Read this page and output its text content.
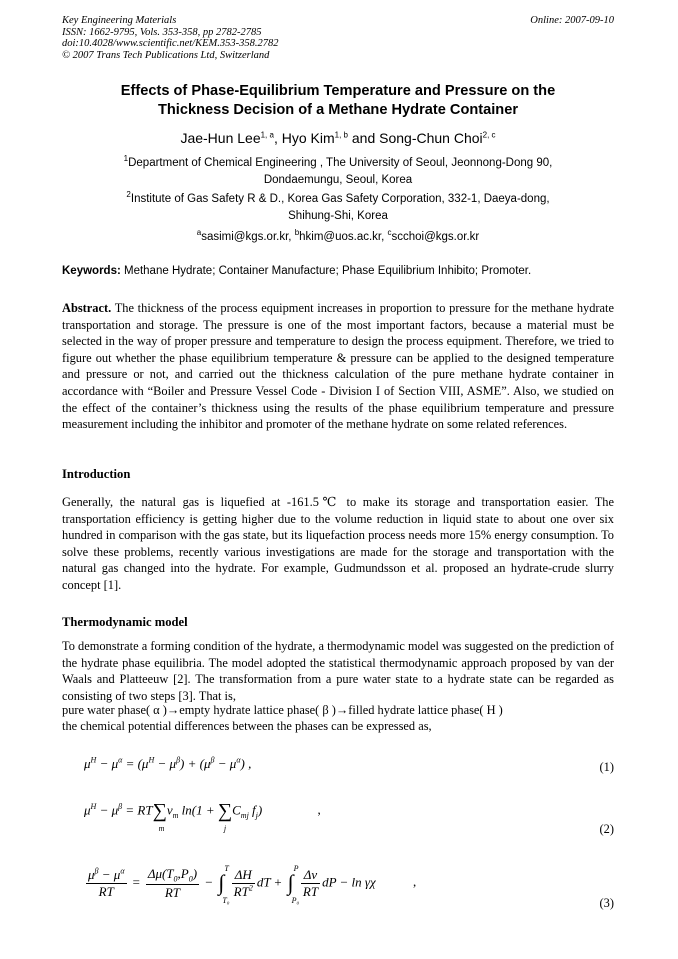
Key Engineering Materials
ISSN: 1662-9795, Vols. 353-358, pp 2782-2785
doi:10.4028/www.scientific.net/KEM.353-358.2782
© 2007 Trans Tech Publications Ltd, Switzerland
Online: 2007-09-10
Effects of Phase-Equilibrium Temperature and Pressure on the
Thickness Decision of a Methane Hydrate Container
Jae-Hun Lee$^{1, a}$, Hyo Kim$^{1, b}$ and Song-Chun Choi$^{2, c}$
$^1$Department of Chemical Engineering , The University of Seoul, Jeonnong-Dong 90,
Dondaemungu, Seoul, Korea
$^2$Institute of Gas Safety R & D., Korea Gas Safety Corporation, 332-1, Daeya-dong,
Shihung-Shi, Korea
$^a$sasimi@kgs.or.kr, $^b$hkim@uos.ac.kr, $^c$scchoi@kgs.or.kr
Keywords: Methane Hydrate; Container Manufacture; Phase Equilibrium Inhibito; Promoter.
Abstract. The thickness of the process equipment increases in proportion to pressure for the methane hydrate transportation and storage. The pressure is one of the most important factors, because a material must be selected in the way of proper pressure and temperature to design the process equipment. Therefore, we tried to figure out whether the phase equilibrium temperature & pressure can be applied to the designed temperature and pressure or not, and carried out the thickness calculation of the pure methane hydrate container in accordance with “Boiler and Pressure Vessel Code - Division I of Section VIII, ASME”. Also, we studied on the effect of the container’s thickness using the results of the phase equilibrium temperature and pressure measurement including the inhibitor and promoter of the methane hydrate on some related references.
Introduction
Generally, the natural gas is liquefied at -161.5℃ to make its storage and transportation easier. The transportation efficiency is getting higher due to the volume reduction in liquid state to about one over six hundred in comparison with the gas state, but its liquefaction process needs more 15% energy consumption. To solve these problems, recently various investigations are made for the storage and transportation with the natural gas changed into the hydrate. For example, Gudmundsson et al. proposed an hydrate-crude slurry concept [1].
Thermodynamic model
To demonstrate a forming condition of the hydrate, a thermodynamic model was suggested on the prediction of the hydrate phase equilibria. The model adopted the statistical thermodynamic approach proposed by van der Waals and Platteeuw [2]. The transformation from a pure water state to a hydrate state can be regarded as consisting of two steps [3]. That is,
pure water phase( α )→empty hydrate lattice phase( β )→filled hydrate lattice phase( H )
the chemical potential differences between the phases can be expressed as,
$\mu^H - \mu^\alpha = (\mu^H - \mu^\beta) + (\mu^\beta - \mu^\alpha)$ ,	(1)
$\mu^H - \mu^\beta = RT\sum$
m
$\nu_m$ ln(1 + ∑
j
$C_{mj}$ $f_j$)	,
(2)
$\frac{\mu^\beta - \mu^\alpha}{RT} = \frac{\Delta\mu(T_0,P_0)}{RT}$ − ∫
T
T₀

$\frac{\Delta H}{RT^2}$ dT + ∫
P
P₀

$\frac{\Delta\nu}{R\overline{T}}$ dP − ln γχ	,
(3)
